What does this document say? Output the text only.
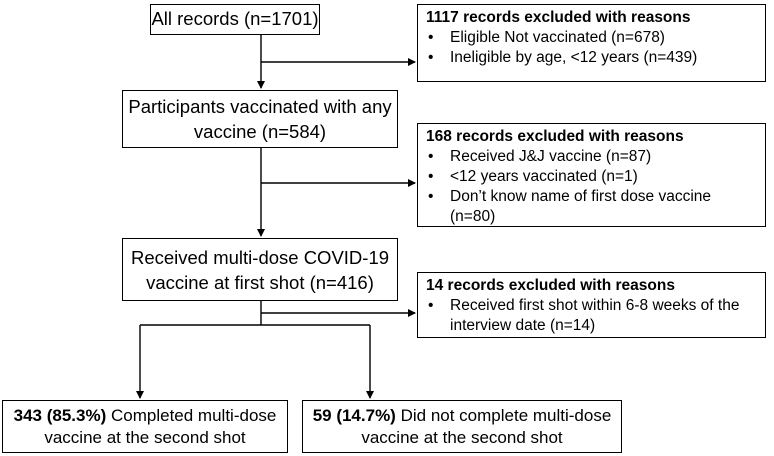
All records (n=1701)
Participants vaccinated with any vaccine (n=584)
Received multi-dose COVID-19 vaccine at first shot (n=416)
1117 records excluded with reasons
• Eligible Not vaccinated (n=678)
• Ineligible by age, <12 years (n=439)
168 records excluded with reasons
• Received J&J vaccine (n=87)
• <12 years vaccinated (n=1)
• Don’t know name of first dose vaccine (n=80)
14 records excluded with reasons
• Received first shot within 6-8 weeks of the interview date (n=14)
343 (85.3%) Completed multi-dose vaccine at the second shot
59 (14.7%) Did not complete multi-dose vaccine at the second shot
